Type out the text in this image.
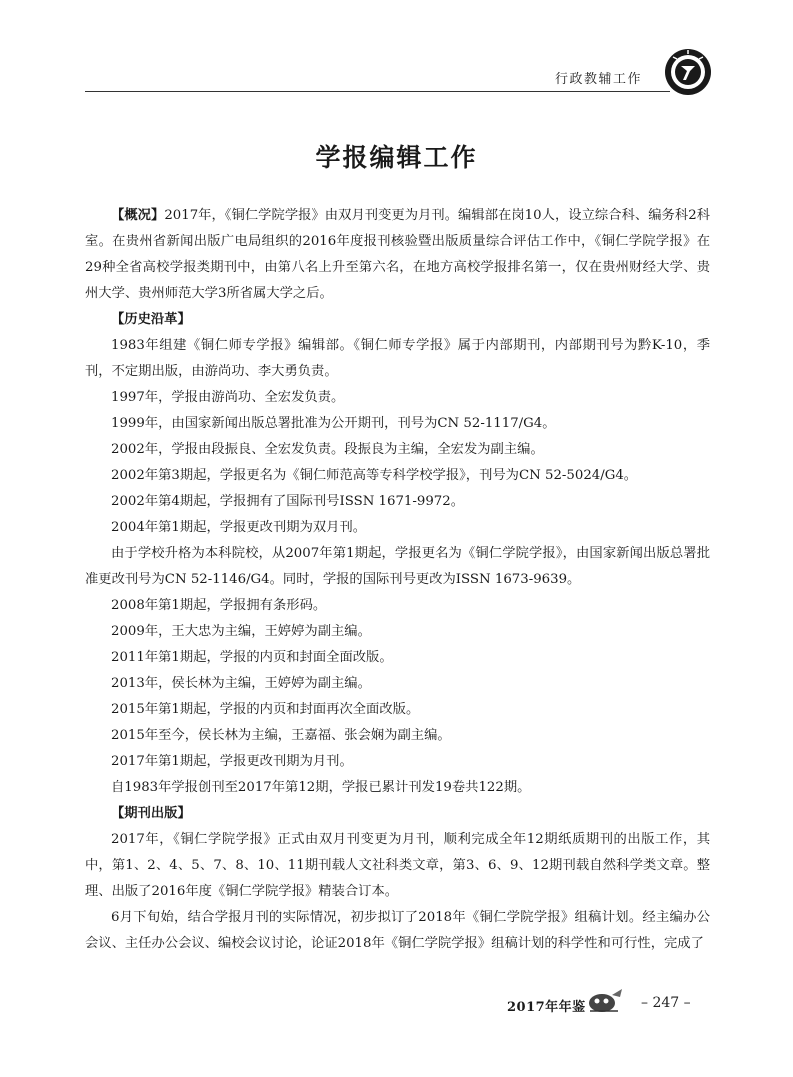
行政教辅工作
学报编辑工作

【概况】2017年，《铜仁学院学报》由双月刊变更为月刊。编辑部在岗10人，设立综合科、编务科2科室。在贵州省新闻出版广电局组织的2016年度报刊核验暨出版质量综合评估工作中，《铜仁学院学报》在29种全省高校学报类期刊中，由第八名上升至第六名，在地方高校学报排名第一，仅在贵州财经大学、贵州大学、贵州师范大学3所省属大学之后。

【历史沿革】

1983年组建《铜仁师专学报》编辑部。《铜仁师专学报》属于内部期刊，内部期刊号为黔K-10，季刊，不定期出版，由游尚功、李大勇负责。

1997年，学报由游尚功、全宏发负责。

1999年，由国家新闻出版总署批准为公开期刊，刊号为CN 52-1117/G4。

2002年，学报由段振良、全宏发负责。段振良为主编，全宏发为副主编。

2002年第3期起，学报更名为《铜仁师范高等专科学校学报》，刊号为CN 52-5024/G4。

2002年第4期起，学报拥有了国际刊号ISSN 1671-9972。

2004年第1期起，学报更改刊期为双月刊。

由于学校升格为本科院校，从2007年第1期起，学报更名为《铜仁学院学报》，由国家新闻出版总署批准更改刊号为CN 52-1146/G4。同时，学报的国际刊号更改为ISSN 1673-9639。

2008年第1期起，学报拥有条形码。

2009年，王大忠为主编，王婷婷为副主编。

2011年第1期起，学报的内页和封面全面改版。

2013年，侯长林为主编，王婷婷为副主编。

2015年第1期起，学报的内页和封面再次全面改版。

2015年至今，侯长林为主编，王嘉福、张会娴为副主编。

2017年第1期起，学报更改刊期为月刊。

自1983年学报创刊至2017年第12期，学报已累计刊发19卷共122期。

【期刊出版】

2017年，《铜仁学院学报》正式由双月刊变更为月刊，顺利完成全年12期纸质期刊的出版工作，其中，第1、2、4、5、7、8、10、11期刊载人文社科类文章，第3、6、9、12期刊载自然科学类文章。整理、出版了2016年度《铜仁学院学报》精装合订本。

6月下旬始，结合学报月刊的实际情况，初步拟订了2018年《铜仁学院学报》组稿计划。经主编办公会议、主任办公会议、编校会议讨论，论证2018年《铜仁学院学报》组稿计划的科学性和可行性，完成了

2017年年鉴	– 247 –
